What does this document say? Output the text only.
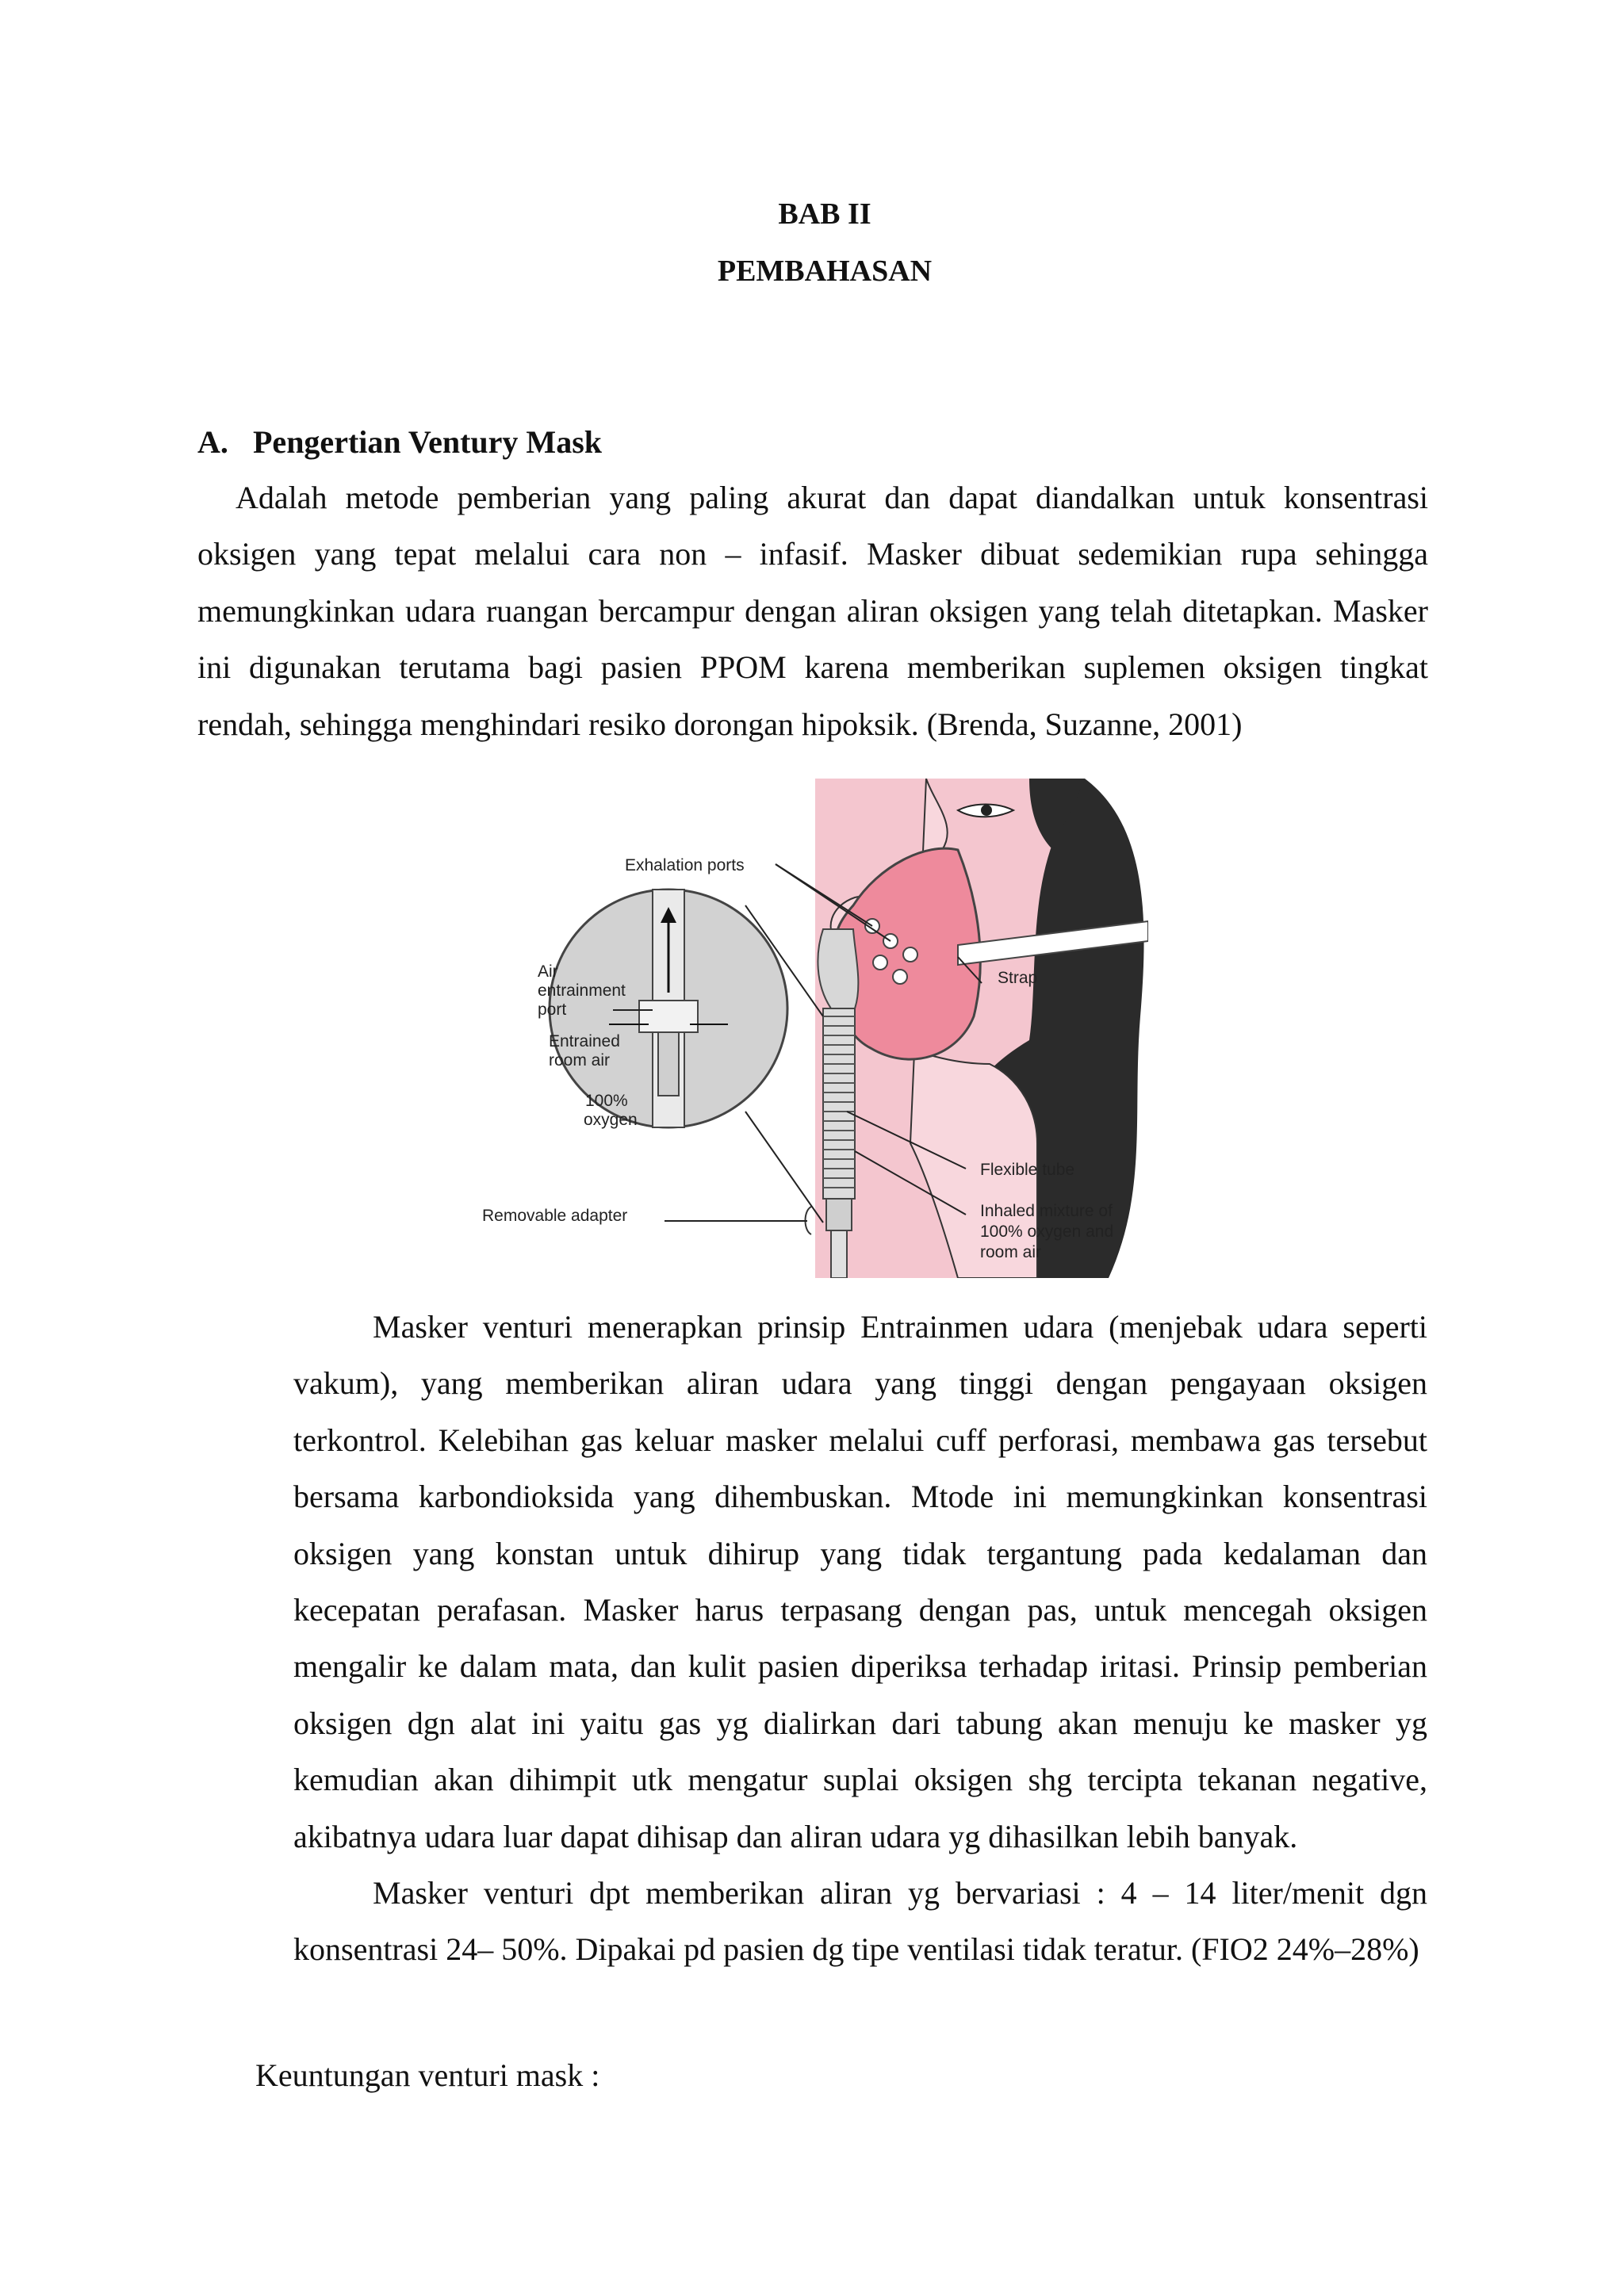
BAB II
PEMBAHASAN
A. Pengertian Ventury Mask

Adalah metode pemberian yang paling akurat dan dapat diandalkan untuk konsentrasi oksigen yang tepat melalui cara non – infasif. Masker dibuat sedemikian rupa sehingga memungkinkan udara ruangan bercampur dengan aliran oksigen yang telah ditetapkan. Masker ini digunakan terutama bagi pasien PPOM karena memberikan suplemen oksigen tingkat rendah, sehingga menghindari resiko dorongan hipoksik. (Brenda, Suzanne, 2001)

Exhalation ports
Strap
Air
entrainment
port
Entrained
room air
100%
oxygen
Flexible tube
Removable adapter	Inhaled mixture of
100% oxygen and
room air

Masker venturi menerapkan prinsip Entrainmen udara (menjebak udara seperti vakum), yang memberikan aliran udara yang tinggi dengan pengayaan oksigen terkontrol. Kelebihan gas keluar masker melalui cuff perforasi, membawa gas tersebut bersama karbondioksida yang dihembuskan. Mtode ini memungkinkan konsentrasi oksigen yang konstan untuk dihirup yang tidak tergantung pada kedalaman dan kecepatan perafasan. Masker harus terpasang dengan pas, untuk mencegah oksigen mengalir ke dalam mata, dan kulit pasien diperiksa terhadap iritasi. Prinsip pemberian oksigen dgn alat ini yaitu gas yg dialirkan dari tabung akan menuju ke masker yg kemudian akan dihimpit utk mengatur suplai oksigen shg tercipta tekanan negative, akibatnya udara luar dapat dihisap dan aliran udara yg dihasilkan lebih banyak.

Masker venturi dpt memberikan aliran yg bervariasi : 4 – 14 liter/menit dgn konsentrasi 24– 50%. Dipakai pd pasien dg tipe ventilasi tidak teratur. (FIO2 24%–28%)

Keuntungan venturi mask :
